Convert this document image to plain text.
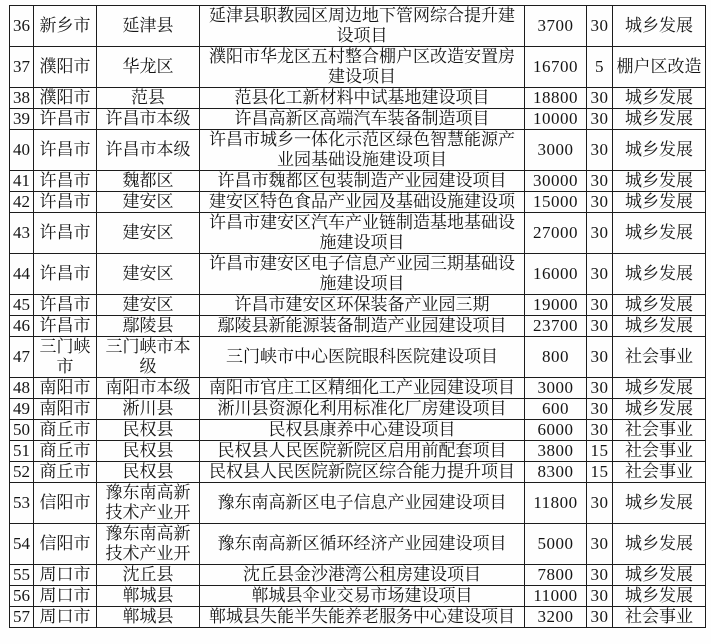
36	新乡市	延津县	延津县职教园区周边地下管网综合提升建设项目	3700	30	城乡发展
37	濮阳市	华龙区	濮阳市华龙区五村整合棚户区改造安置房建设项目	16700	5	棚户区改造
38	濮阳市	范县	范县化工新材料中试基地建设项目	18800	30	城乡发展
39	许昌市	许昌市本级	许昌高新区高端汽车装备制造项目	10000	30	城乡发展
40	许昌市	许昌市本级	许昌市城乡一体化示范区绿色智慧能源产业园基础设施建设项目	3000	30	城乡发展
41	许昌市	魏都区	许昌市魏都区包装制造产业园建设项目	30000	30	城乡发展
42	许昌市	建安区	建安区特色食品产业园及基础设施建设项	15000	30	城乡发展
43	许昌市	建安区	许昌市建安区汽车产业链制造基地基础设施建设项目	27000	30	城乡发展
44	许昌市	建安区	许昌市建安区电子信息产业园三期基础设施建设项目	16000	30	城乡发展
45	许昌市	建安区	许昌市建安区环保装备产业园三期	19000	30	城乡发展
46	许昌市	鄢陵县	鄢陵县新能源装备制造产业园建设项目	23700	30	城乡发展
47	三门峡市	三门峡市本级	三门峡市中心医院眼科医院建设项目	800	30	社会事业
48	南阳市	南阳市本级	南阳市官庄工区精细化工产业园建设项目	3000	30	城乡发展
49	南阳市	淅川县	淅川县资源化利用标准化厂房建设项目	600	30	城乡发展
50	商丘市	民权县	民权县康养中心建设项目	6000	30	社会事业
51	商丘市	民权县	民权县人民医院新院区启用前配套项目	3800	15	社会事业
52	商丘市	民权县	民权县人民医院新院区综合能力提升项目	8300	15	社会事业
53	信阳市	豫东南高新技术产业开	豫东南高新区电子信息产业园建设项目	11800	30	城乡发展
54	信阳市	豫东南高新技术产业开	豫东南高新区循环经济产业园建设项目	5000	30	城乡发展
55	周口市	沈丘县	沈丘县金沙港湾公租房建设项目	7800	30	城乡发展
56	周口市	郸城县	郸城县伞业交易市场建设项目	11000	30	城乡发展
57	周口市	郸城县	郸城县失能半失能养老服务中心建设项目	3200	30	社会事业
